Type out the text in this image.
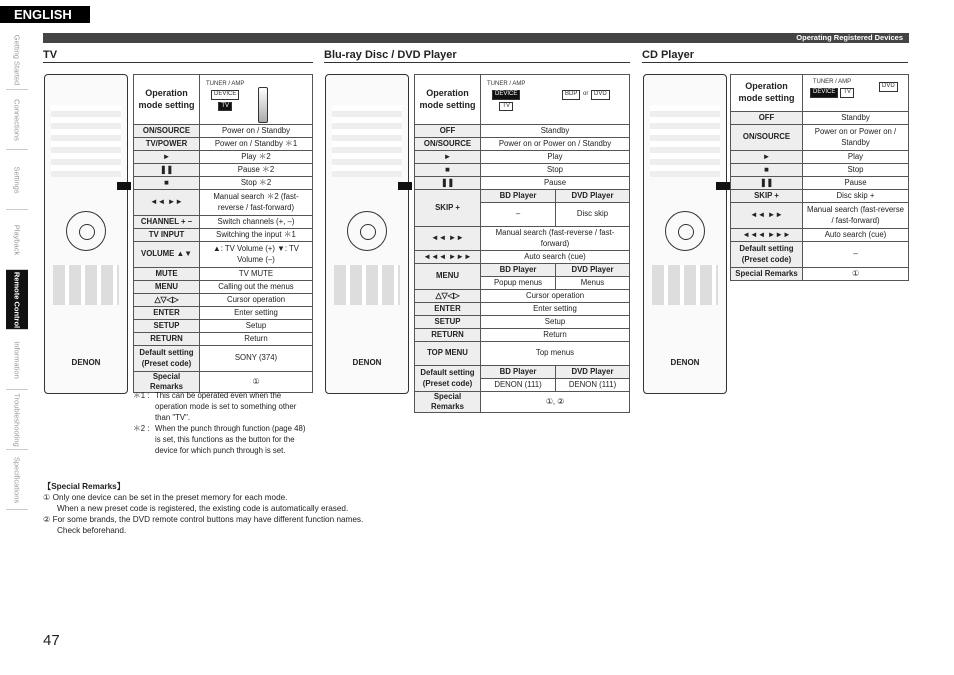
ENGLISH
Operating Registered Devices
Getting Started
Connections
Settings
Playback
Remote Control
Information
Troubleshooting
Specifications
TV	Blu-ray Disc / DVD Player	CD Player
DENON	DENON	DENON
Operation mode setting	TUNER / AMP
DEVICE
TV

ON/SOURCE	Power on / Standby
TV/POWER	Power on / Standby ＊1
►	Play ＊2
❚❚	Pause ＊2
■	Stop ＊2
◄◄ ►►	Manual search ＊2 (fast-reverse / fast-forward)
CHANNEL + –	Switch channels (+, –)
TV INPUT	Switching the input ＊1
VOLUME ▲▼	▲: TV Volume (+) ▼: TV Volume (–)
MUTE	TV MUTE
MENU	Calling out the menus
△▽◁▷	Cursor operation
ENTER	Enter setting
SETUP	Setup
RETURN	Return
Default setting (Preset code)	SONY (374)
Special Remarks	①
＊1 : This can be operated even when the operation mode is set to something other than "TV".
＊2 : When the punch through function (page 48) is set, this functions as the button for the device for which punch through is set.
Operation mode setting	TUNER / AMP
DEVICE
TV
BDP or DVD	

OFF	Standby	
ON/SOURCE	Power on or Power on / Standby	
►	Play	
■	Stop	
❚❚	Pause	
SKIP +	BD Player	DVD Player
	–	Disc skip
◄◄ ►►	Manual search (fast-reverse / fast-forward)	
◄◄◄ ►►►	Auto search (cue)	
MENU	BD Player	DVD Player
	Popup menus	Menus
△▽◁▷	Cursor operation	
ENTER	Enter setting	
SETUP	Setup	
RETURN	Return	
TOP MENU	Top menus	
Default setting (Preset code)	BD Player	DVD Player
	DENON (111)	DENON (111)
Special Remarks	①, ②	
Operation mode setting	TUNER / AMP
DEVICE TV
DVD

OFF	Standby
ON/SOURCE	Power on or Power on / Standby
►	Play
■	Stop
❚❚	Pause
SKIP +	Disc skip +
◄◄ ►►	Manual search (fast-reverse / fast-forward)
◄◄◄ ►►►	Auto search (cue)
Default setting (Preset code)	–
Special Remarks	①
【Special Remarks】
① Only one device can be set in the preset memory for each mode.
When a new preset code is registered, the existing code is automatically erased.
② For some brands, the DVD remote control buttons may have different function names.
Check beforehand.
47
